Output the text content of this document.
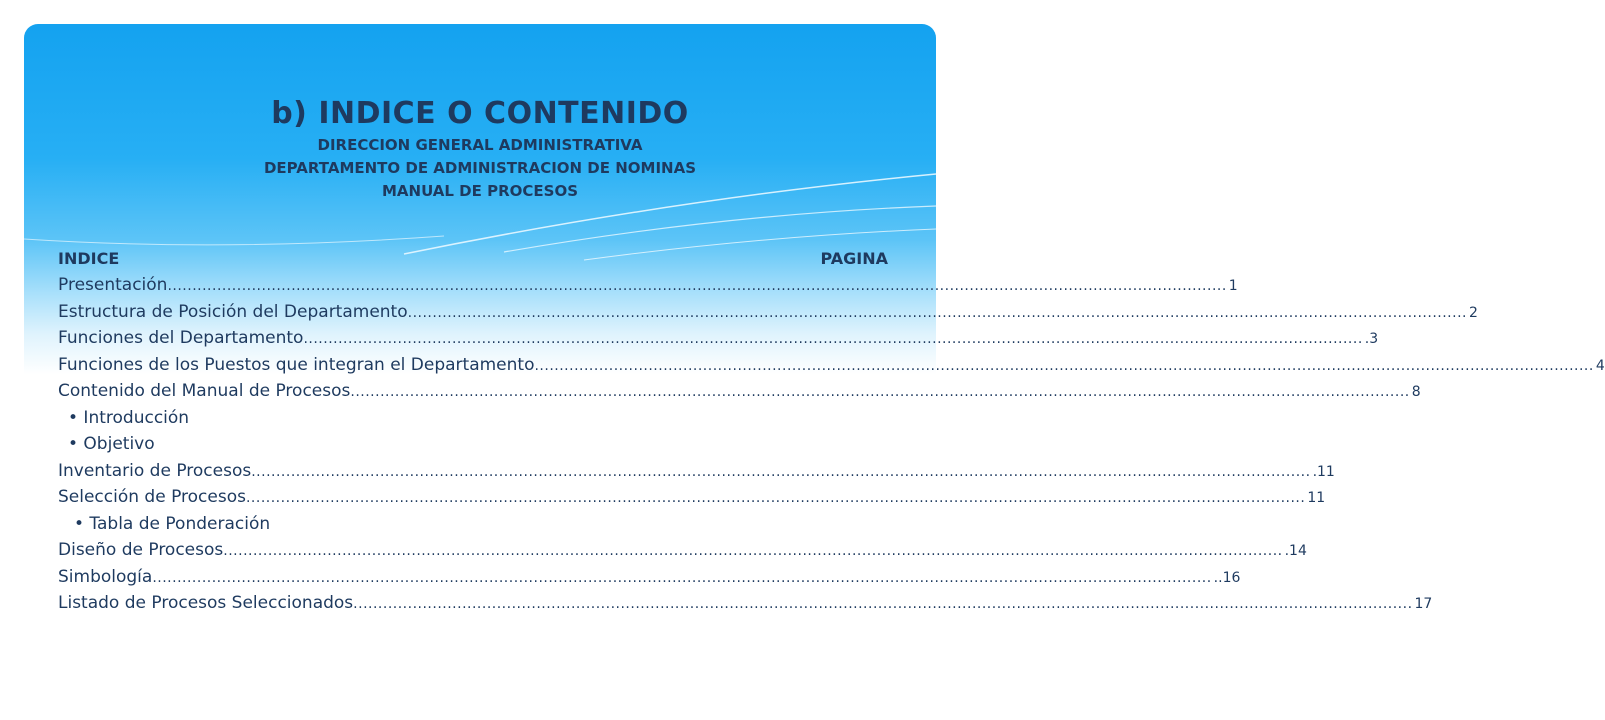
b) INDICE O CONTENIDO
DIRECCION GENERAL ADMINISTRATIVA
DEPARTAMENTO DE ADMINISTRACION DE NOMINAS
MANUAL DE PROCESOS
INDICE	PAGINA
Presentación ...................................................................................................................................................................................................................... 1
Estructura de Posición del Departamento ...................................................................................................................................................................................................................... 2
Funciones del Departamento ...................................................................................................................................................................................................................... .3
Funciones de los Puestos que integran el Departamento ...................................................................................................................................................................................................................... 4
Contenido del Manual de Procesos ...................................................................................................................................................................................................................... 8
• Introducción
• Objetivo
Inventario de Procesos ...................................................................................................................................................................................................................... .11
Selección de Procesos ...................................................................................................................................................................................................................... 11
• Tabla de Ponderación
Diseño de Procesos ...................................................................................................................................................................................................................... .14
Simbología ...................................................................................................................................................................................................................... ..16
Listado de Procesos Seleccionados ...................................................................................................................................................................................................................... 17
